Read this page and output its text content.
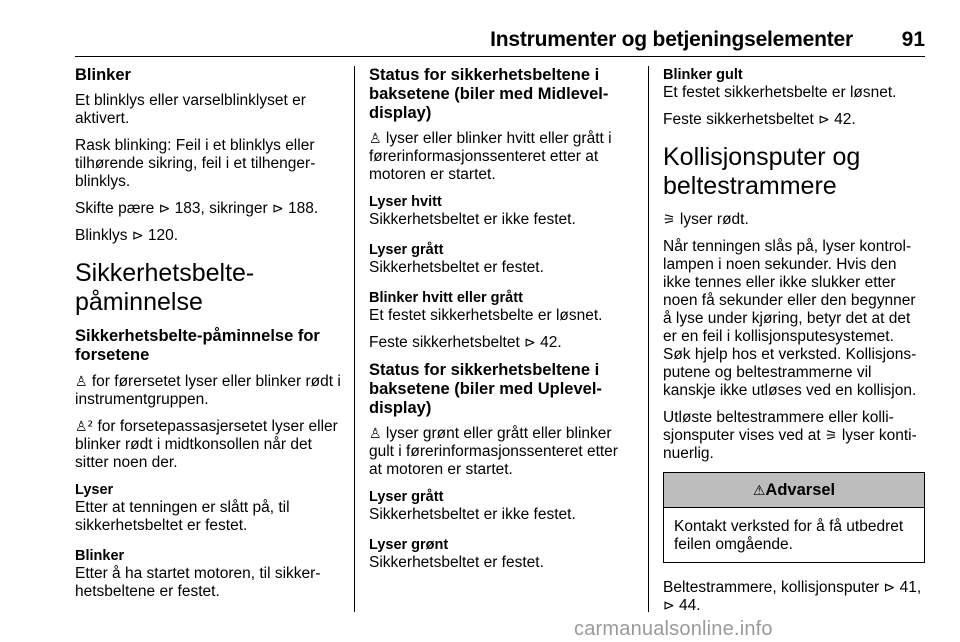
Instrumenter og betjeningselementer 91
Blinker

Et blinklys eller varselblinklyset er aktivert.

Rask blinking: Feil i et blinklys eller tilhørende sikring, feil i et tilhenger-blinklys.

Skifte pære ⊳ 183, sikringer ⊳ 188.

Blinklys ⊳ 120.

Sikkerhetsbelte-påminnelse
Sikkerhetsbelte-påminnelse for forsetene

♙ for førersetet lyser eller blinker rødt i instrumentgruppen.

♙² for forsetepassasjersetet lyser eller blinker rødt i midtkonsollen når det sitter noen der.

Lyser
Etter at tenningen er slått på, til sikkerhetsbeltet er festet.
Blinker
Etter å ha startet motoren, til sikker-hetsbeltene er festet.
Status for sikkerhetsbeltene i baksetene (biler med Midlevel-display)

♙ lyser eller blinker hvitt eller grått i førerinformasjonssenteret etter at motoren er startet.

Lyser hvitt
Sikkerhetsbeltet er ikke festet.
Lyser grått
Sikkerhetsbeltet er festet.
Blinker hvitt eller grått
Et festet sikkerhetsbelte er løsnet.

Feste sikkerhetsbeltet ⊳ 42.

Status for sikkerhetsbeltene i baksetene (biler med Uplevel-display)

♙ lyser grønt eller grått eller blinker gult i førerinformasjonssenteret etter at motoren er startet.

Lyser grått
Sikkerhetsbeltet er ikke festet.
Lyser grønt
Sikkerhetsbeltet er festet.
Blinker gult
Et festet sikkerhetsbelte er løsnet.

Feste sikkerhetsbeltet ⊳ 42.

Kollisjonsputer og beltestrammere

⚞ lyser rødt.

Når tenningen slås på, lyser kontrol-lampen i noen sekunder. Hvis den ikke tennes eller ikke slukker etter noen få sekunder eller den begynner å lyse under kjøring, betyr det at det er en feil i kollisjonsputesystemet. Søk hjelp hos et verksted. Kollisjons-putene og beltestrammerne vil kanskje ikke utløses ved en kollisjon.

Utløste beltestrammere eller kolli-sjonsputer vises ved at ⚞ lyser konti-nuerlig.

⚠Advarsel
Kontakt verksted for å få utbedret feilen omgående.

Beltestrammere, kollisjonsputer ⊳ 41, ⊳ 44.

carmanualsonline.info
